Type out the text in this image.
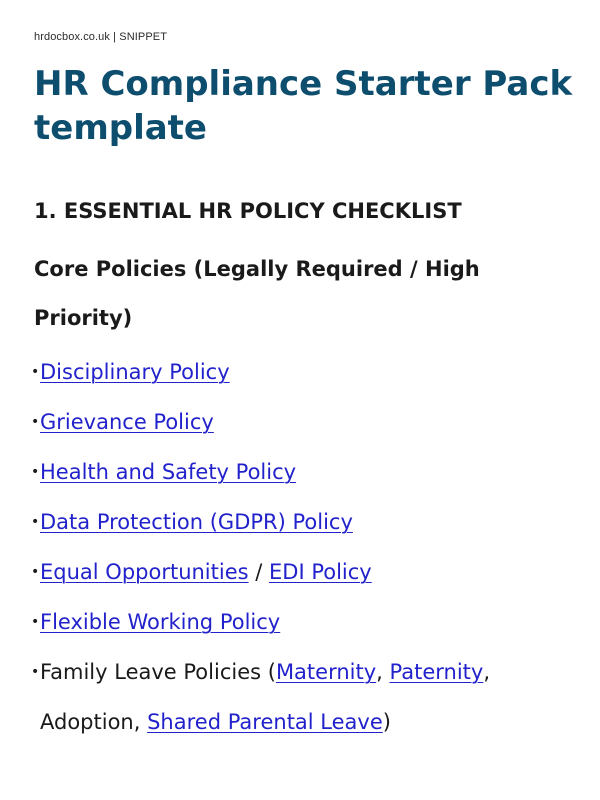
hrdocbox.co.uk | SNIPPET
HR Compliance Starter Pack template
1. ESSENTIAL HR POLICY CHECKLIST
Core Policies (Legally Required / High Priority)
• Disciplinary Policy
• Grievance Policy
• Health and Safety Policy
• Data Protection (GDPR) Policy
• Equal Opportunities / EDI Policy
• Flexible Working Policy
• Family Leave Policies (Maternity, Paternity, Adoption, Shared Parental Leave)
